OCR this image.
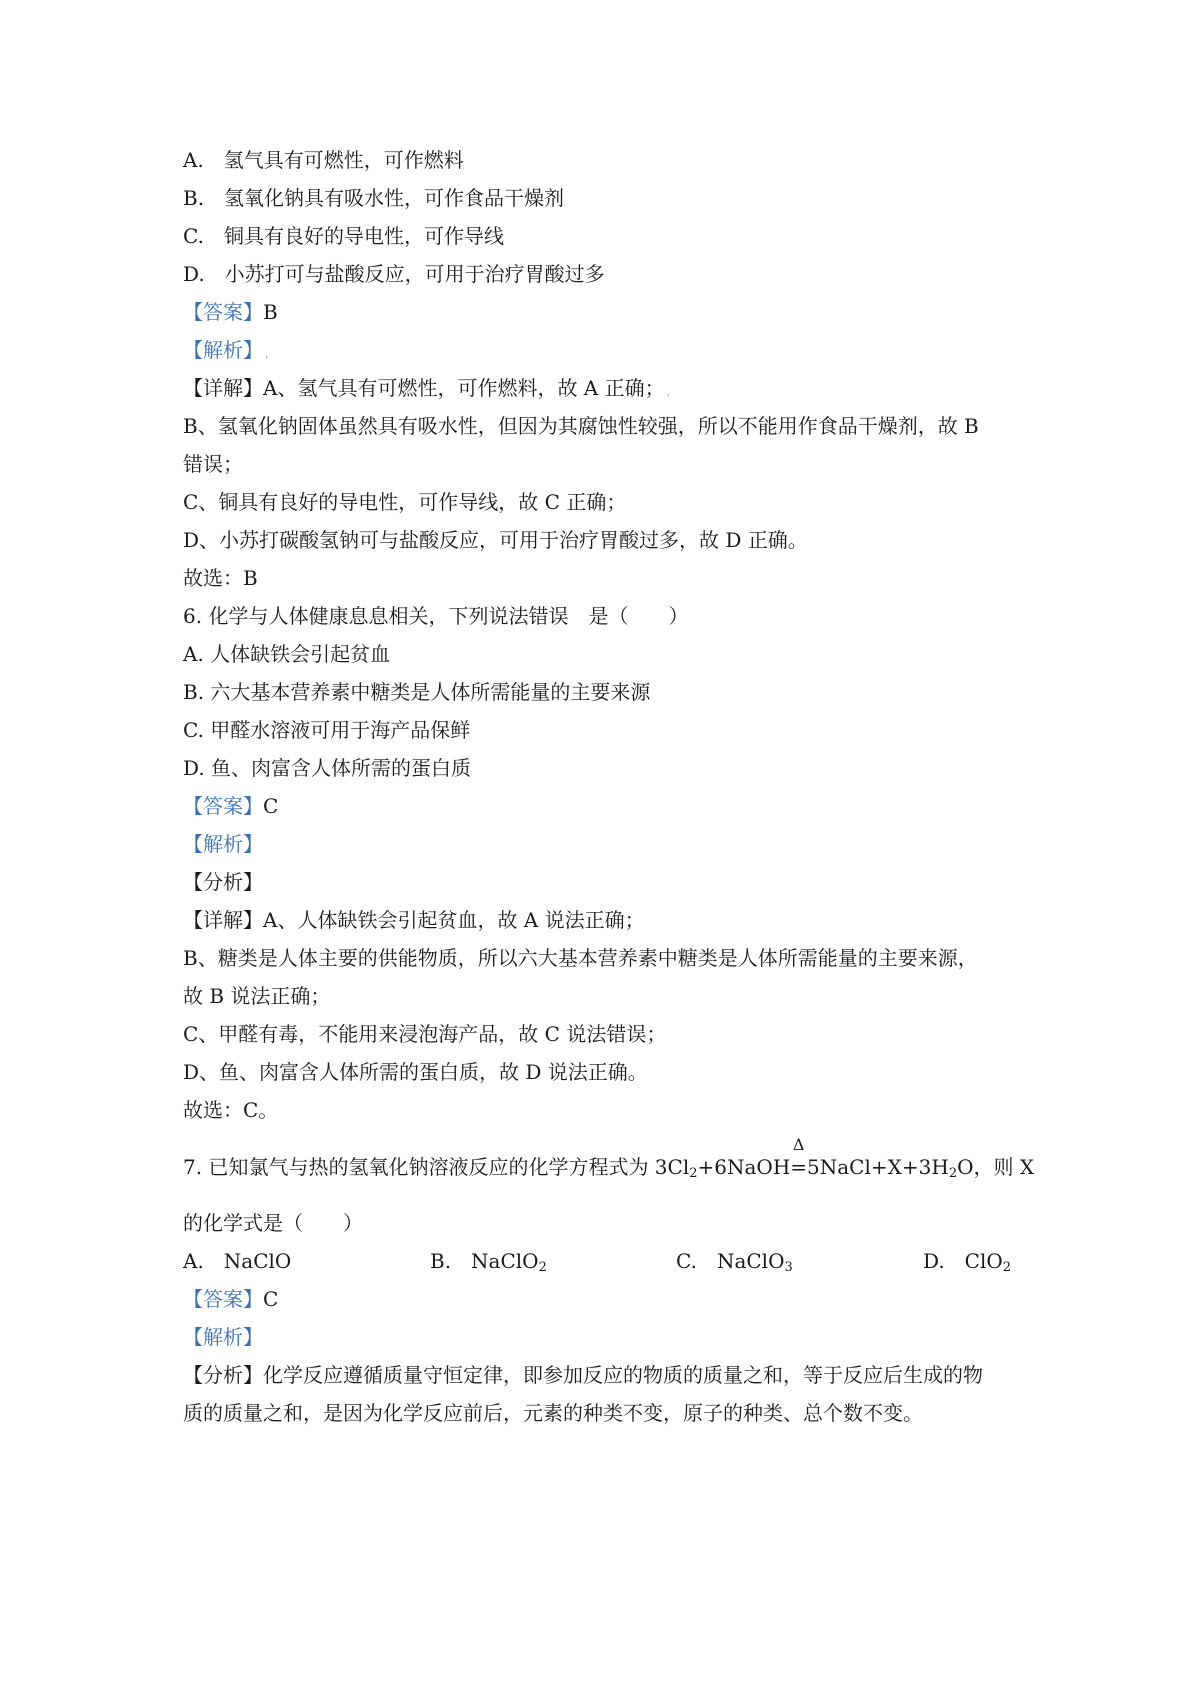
A.　氢气具有可燃性，可作燃料
B.　氢氧化钠具有吸水性，可作食品干燥剂
C.　铜具有良好的导电性，可作导线
D.　小苏打可与盐酸反应，可用于治疗胃酸过多
【答案】B
【解析】 ˌ
【详解】A、氢气具有可燃性，可作燃料，故 A 正确； ˌ
B、氢氧化钠固体虽然具有吸水性，但因为其腐蚀性较强，所以不能用作食品干燥剂，故 B
错误；
C、铜具有良好的导电性，可作导线，故 C 正确；
D、小苏打碳酸氢钠可与盐酸反应，可用于治疗胃酸过多，故 D 正确。
故选：B
6. 化学与人体健康息息相关，下列说法错误　是（　　）
A. 人体缺铁会引起贫血
B. 六大基本营养素中糖类是人体所需能量的主要来源
C. 甲醛水溶液可用于海产品保鲜
D. 鱼、肉富含人体所需的蛋白质
【答案】C
【解析】
【分析】
【详解】A、人体缺铁会引起贫血，故 A 说法正确；
B、糖类是人体主要的供能物质，所以六大基本营养素中糖类是人体所需能量的主要来源，
故 B 说法正确；
C、甲醛有毒，不能用来浸泡海产品，故 C 说法错误；
D、鱼、肉富含人体所需的蛋白质，故 D 说法正确。
故选：C。
7. 已知氯气与热的氢氧化钠溶液反应的化学方程式为 $3Cl_2+6NaOH$
Δ
$=5NaCl+X+3H_2O$，则 X
的化学式是（　　）
A.　NaClO	B.　NaClO$_2$	C.　NaClO$_3$	D.　ClO$_2$
【答案】C
【解析】
【分析】化学反应遵循质量守恒定律，即参加反应的物质的质量之和，等于反应后生成的物
质的质量之和，是因为化学反应前后，元素的种类不变，原子的种类、总个数不变。
